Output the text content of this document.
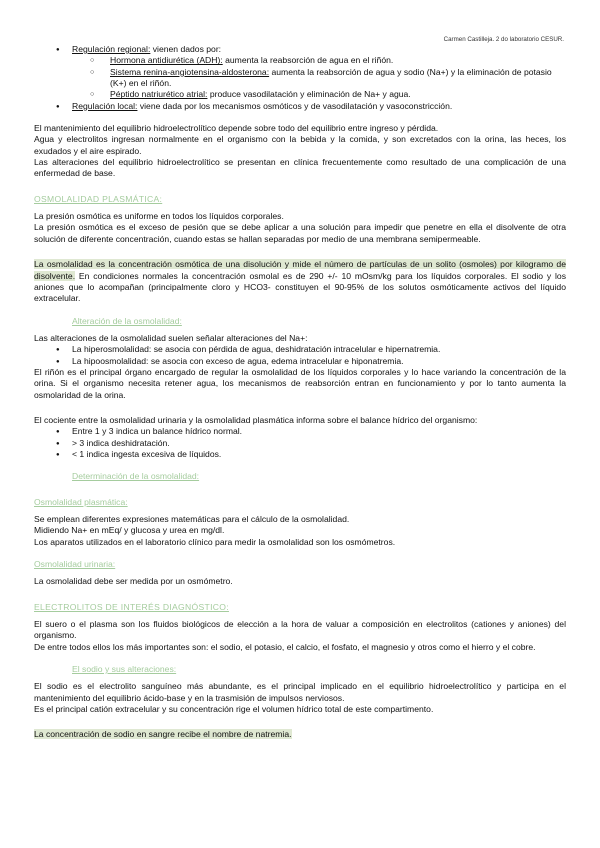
Carmen Castilleja. 2 do laboratorio CESUR.
● Regulación regional: vienen dados por:
○ Hormona antidiurética (ADH): aumenta la reabsorción de agua en el riñón.
○ Sistema renina-angiotensina-aldosterona: aumenta la reabsorción de agua y sodio (Na+) y la eliminación de potasio (K+) en el riñón.
○ Péptido natriurético atrial: produce vasodilatación y eliminación de Na+ y agua.
● Regulación local: viene dada por los mecanismos osmóticos y de vasodilatación y vasoconstricción.

El mantenimiento del equilibrio hidroelectrolítico depende sobre todo del equilibrio entre ingreso y pérdida.

Agua y electrolitos ingresan normalmente en el organismo con la bebida y la comida, y son excretados con la orina, las heces, los exudados y el aire espirado.

Las alteraciones del equilibrio hidroelectrolítico se presentan en clínica frecuentemente como resultado de una complicación de una enfermedad de base.

OSMOLALIDAD PLASMÁTICA:

La presión osmótica es uniforme en todos los líquidos corporales.

La presión osmótica es el exceso de pesión que se debe aplicar a una solución para impedir que penetre en ella el disolvente de otra solución de diferente concentración, cuando estas se hallan separadas por medio de una membrana semipermeable.

La osmolalidad es la concentración osmótica de una disolución y mide el número de partículas de un solito (osmoles) por kilogramo de disolvente. En condiciones normales la concentración osmolal es de 290 +/- 10 mOsm/kg para los líquidos corporales. El sodio y los aniones que lo acompañan (principalmente cloro y HCO3- constituyen el 90-95% de los solutos osmóticamente activos del líquido extracelular.

Alteración de la osmolalidad:

Las alteraciones de la osmolalidad suelen señalar alteraciones del Na+:

● La hiperosmolalidad: se asocia con pérdida de agua, deshidratación intracelular e hipernatremia.
● La hipoosmolalidad: se asocia con exceso de agua, edema intracelular e hiponatremia.

El riñón es el principal órgano encargado de regular la osmolalidad de los líquidos corporales y lo hace variando la concentración de la orina. Si el organismo necesita retener agua, los mecanismos de reabsorción entran en funcionamiento y por lo tanto aumenta la osmolaridad de la orina.

El cociente entre la osmolalidad urinaria y la osmolalidad plasmática informa sobre el balance hídrico del organismo:

● Entre 1 y 3 indica un balance hídrico normal.
● > 3 indica deshidratación.
● < 1 indica ingesta excesiva de líquidos.

Determinación de la osmolalidad:

Osmolalidad plasmática:

Se emplean diferentes expresiones matemáticas para el cálculo de la osmolalidad.

Midiendo Na+ en mEq/ y glucosa y urea en mg/dl.

Los aparatos utilizados en el laboratorio clínico para medir la osmolalidad son los osmómetros.

Osmolalidad urinaria:

La osmolalidad debe ser medida por un osmómetro.

ELECTROLITOS DE INTERÉS DIAGNÓSTICO:

El suero o el plasma son los fluidos biológicos de elección a la hora de valuar a composición en electrolitos (cationes y aniones) del organismo.

De entre todos ellos los más importantes son: el sodio, el potasio, el calcio, el fosfato, el magnesio y otros como el hierro y el cobre.

El sodio y sus alteraciones:

El sodio es el electrolito sanguíneo más abundante, es el principal implicado en el equilibrio hidroelectrolítico y participa en el mantenimiento del equilibrio ácido-base y en la trasmisión de impulsos nerviosos.

Es el principal catión extracelular y su concentración rige el volumen hídrico total de este compartimento.

La concentración de sodio en sangre recibe el nombre de natremia.
